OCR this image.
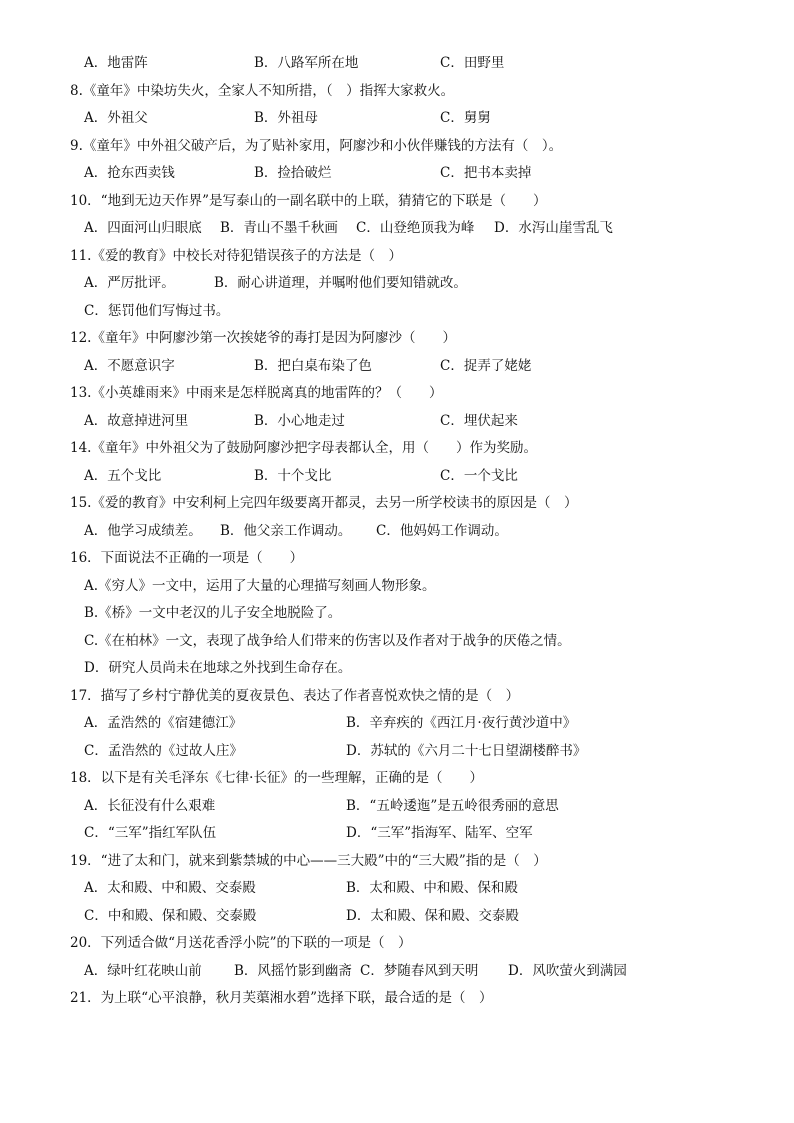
A．地雷阵	B．八路军所在地	C．田野里
8.《童年》中染坊失火，全家人不知所措，（　）指挥大家救火。
A．外祖父	B．外祖母	C．舅舅
9.《童年》中外祖父破产后，为了贴补家用，阿廖沙和小伙伴赚钱的方法有（　）。
A．抢东西卖钱	B．捡拾破烂	C．把书本卖掉
10．“地到无边天作界”是写泰山的一副名联中的上联，猜猜它的下联是（　　）
A．四面河山归眼底 B．青山不墨千秋画 C．山登绝顶我为峰 D．水泻山崖雪乱飞
11.《爱的教育》中校长对待犯错误孩子的方法是（　）
A．严厉批评。	B．耐心讲道理，并嘱咐他们要知错就改。
C．惩罚他们写悔过书。
12.《童年》中阿廖沙第一次挨姥爷的毒打是因为阿廖沙（　　）
A．不愿意识字	B．把白桌布染了色	C．捉弄了姥姥
13.《小英雄雨来》中雨来是怎样脱离真的地雷阵的？（　　）
A．故意掉进河里	B．小心地走过	C．埋伏起来
14.《童年》中外祖父为了鼓励阿廖沙把字母表都认全，用（　　）作为奖励。
A．五个戈比	B．十个戈比	C．一个戈比
15.《爱的教育》中安利柯上完四年级要离开都灵，去另一所学校读书的原因是（　）
A．他学习成绩差。 B．他父亲工作调动。 C．他妈妈工作调动。
16．下面说法不正确的一项是（　　）
A.《穷人》一文中，运用了大量的心理描写刻画人物形象。
B.《桥》一文中老汉的儿子安全地脱险了。
C.《在柏林》一文，表现了战争给人们带来的伤害以及作者对于战争的厌倦之情。
D．研究人员尚未在地球之外找到生命存在。
17．描写了乡村宁静优美的夏夜景色、表达了作者喜悦欢快之情的是（　）
A．孟浩然的《宿建德江》	B．辛弃疾的《西江月·夜行黄沙道中》
C．孟浩然的《过故人庄》	D．苏轼的《六月二十七日望湖楼醉书》
18．以下是有关毛泽东《七律·长征》的一些理解，正确的是（　　）
A．长征没有什么艰难	B．“五岭逶迤”是五岭很秀丽的意思
C．“三军”指红军队伍	D．“三军”指海军、陆军、空军
19．“进了太和门，就来到紫禁城的中心——三大殿”中的“三大殿”指的是（　）
A．太和殿、中和殿、交泰殿	B．太和殿、中和殿、保和殿
C．中和殿、保和殿、交泰殿	D．太和殿、保和殿、交泰殿
20．下列适合做“月送花香浮小院”的下联的一项是（　）
A．绿叶红花映山前 B．风摇竹影到幽斋 C．梦随春风到天明 D．风吹萤火到满园
21．为上联“心平浪静，秋月芙蕖湘水碧”选择下联，最合适的是（　）
